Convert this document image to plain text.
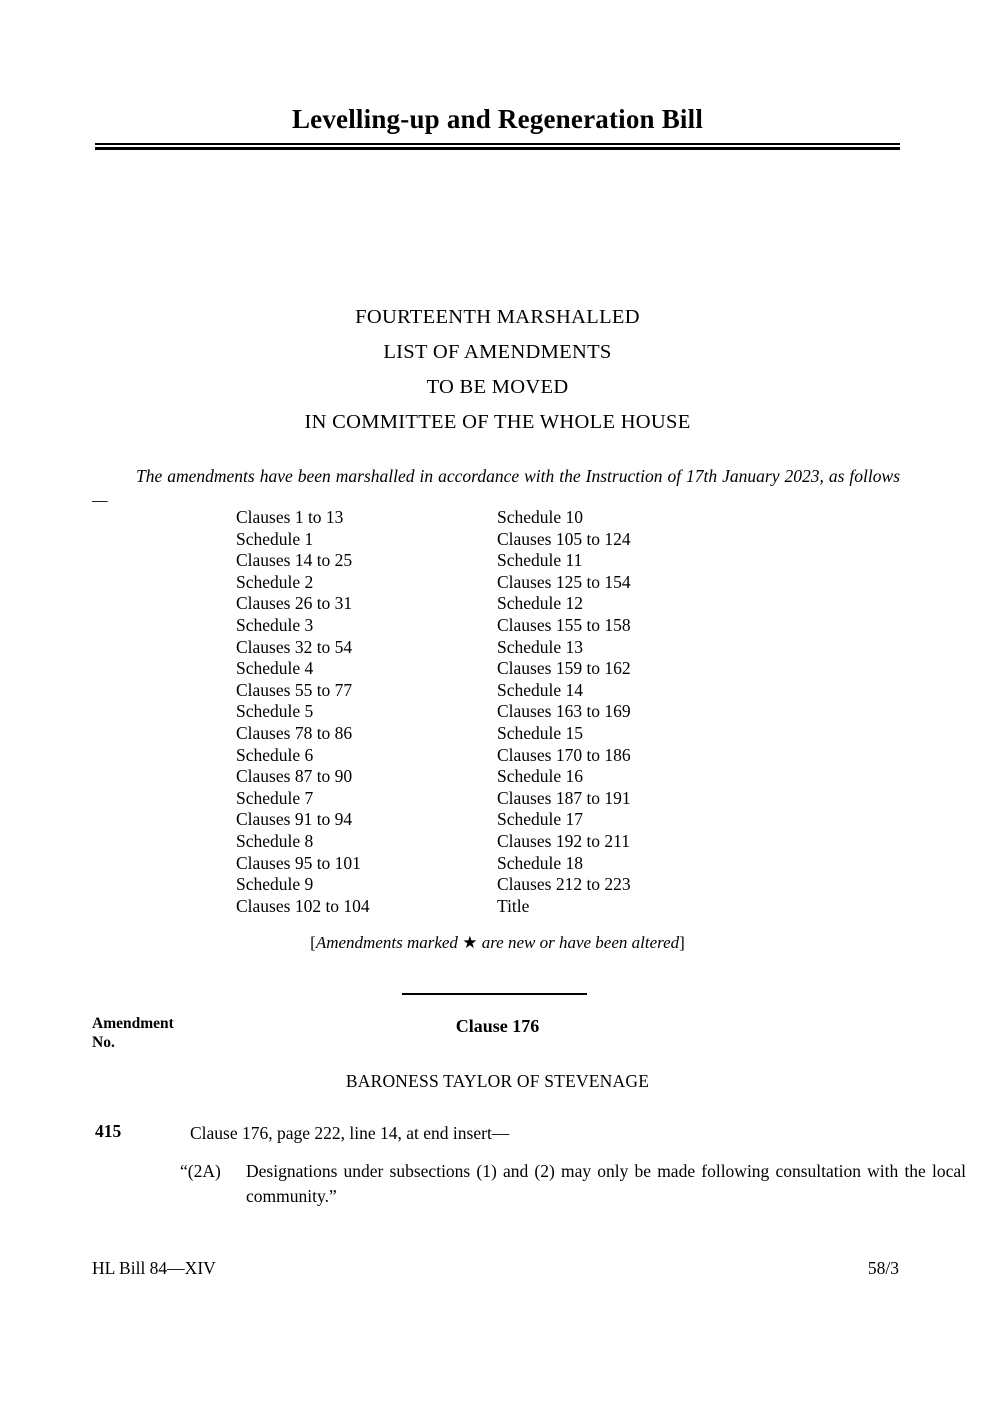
Levelling-up and Regeneration Bill
FOURTEENTH MARSHALLED
LIST OF AMENDMENTS
TO BE MOVED
IN COMMITTEE OF THE WHOLE HOUSE
The amendments have been marshalled in accordance with the Instruction of 17th January 2023, as follows—
Clauses 1 to 13
Schedule 1
Clauses 14 to 25
Schedule 2
Clauses 26 to 31
Schedule 3
Clauses 32 to 54
Schedule 4
Clauses 55 to 77
Schedule 5
Clauses 78 to 86
Schedule 6
Clauses 87 to 90
Schedule 7
Clauses 91 to 94
Schedule 8
Clauses 95 to 101
Schedule 9
Clauses 102 to 104
Schedule 10
Clauses 105 to 124
Schedule 11
Clauses 125 to 154
Schedule 12
Clauses 155 to 158
Schedule 13
Clauses 159 to 162
Schedule 14
Clauses 163 to 169
Schedule 15
Clauses 170 to 186
Schedule 16
Clauses 187 to 191
Schedule 17
Clauses 192 to 211
Schedule 18
Clauses 212 to 223
Title
[Amendments marked ★ are new or have been altered]
Amendment
No.
Clause 176
BARONESS TAYLOR OF STEVENAGE
415	Clause 176, page 222, line 14, at end insert—
“(2A) Designations under subsections (1) and (2) may only be made following consultation with the local community.”
HL Bill 84—XIV	58/3
